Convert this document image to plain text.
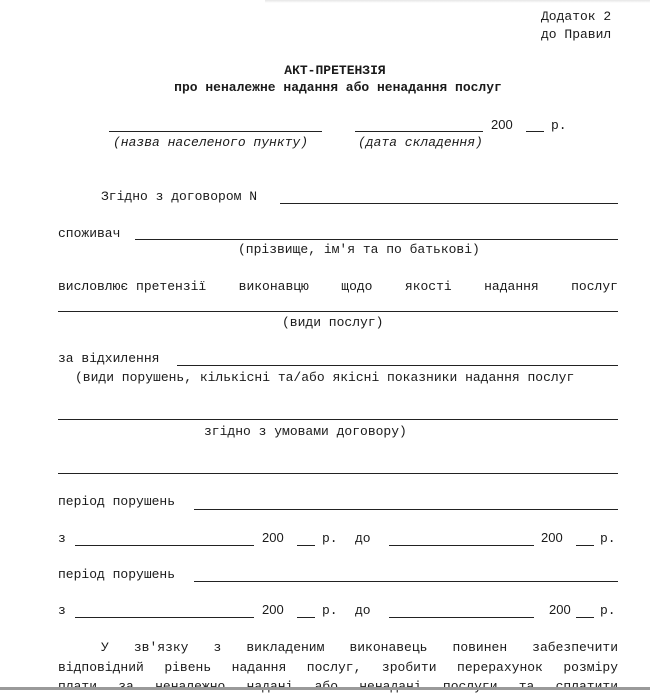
Додаток 2
до Правил
АКТ-ПРЕТЕНЗІЯ
про неналежне надання або ненадання послуг
200	р.
(назва населеного пункту)	(дата складення)
Згідно з договором N
споживач
(прізвище, ім'я та по батькові)
висловлює претензії виконавцю щодо якості надання послуг
(види послуг)
за відхилення
(види порушень, кількісні та/або якісні показники надання послуг
згідно з умовами договору)
період порушень
з	200	р. до	200	р.
період порушень
з	200	р. до	200 р.
У зв'язку з викладеним виконавець повинен забезпечити
відповідний рівень надання послуг, зробити перерахунок розміру
